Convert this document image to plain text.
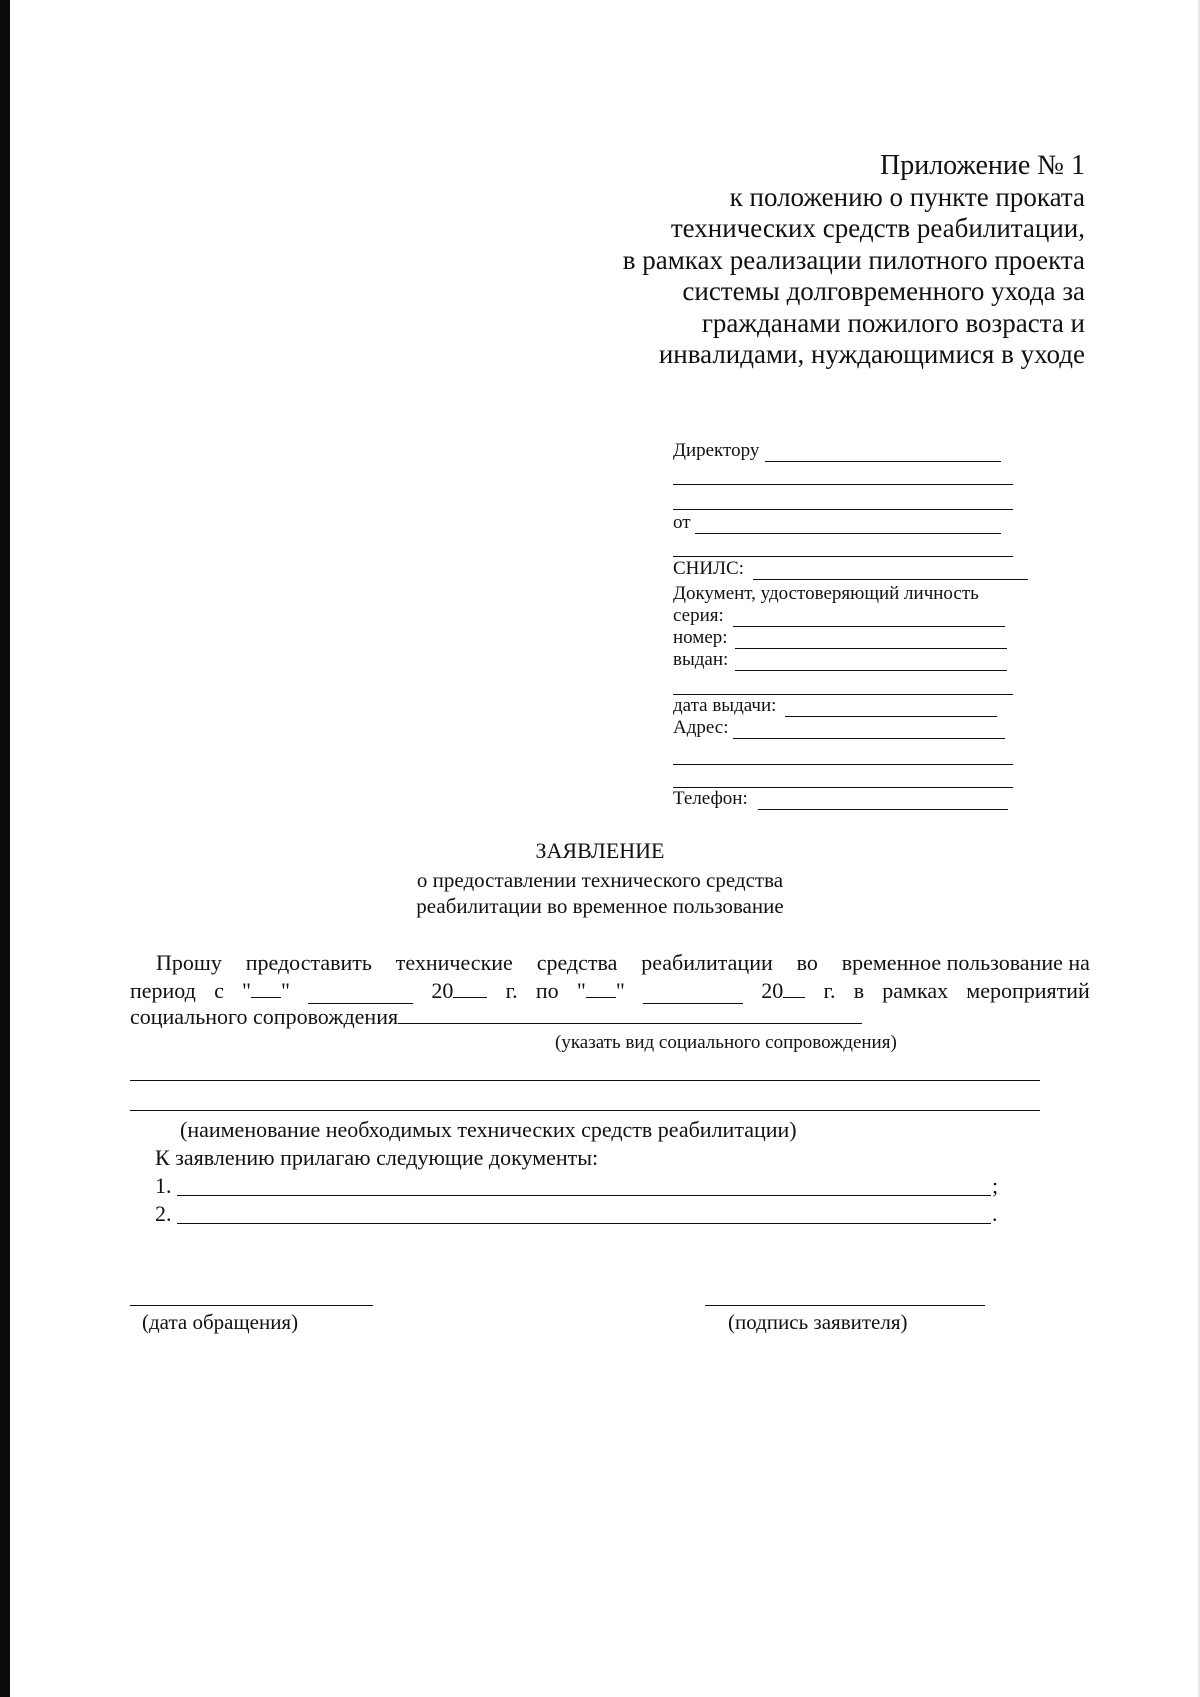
Приложение № 1
к положению о пункте проката
технических средств реабилитации,
в рамках реализации пилотного проекта
системы долговременного ухода за
гражданами пожилого возраста и
инвалидами, нуждающимися в уходе
Директору
от
СНИЛС:
Документ, удостоверяющий личность
серия:
номер:
выдан:
дата выдачи:
Адрес:
Телефон:
ЗАЯВЛЕНИЕ
о предоставлении технического средства
реабилитации во временное пользование
Прошу предоставить технические средства реабилитации во временное пользование на
период с " "	20	г. по " "	20	г. в рамках мероприятий
социального сопровождения
(указать вид социального сопровождения)
(наименование необходимых технических средств реабилитации)
К заявлению прилагаю следующие документы:
1.	;
2.	.
(дата обращения)	(подпись заявителя)
